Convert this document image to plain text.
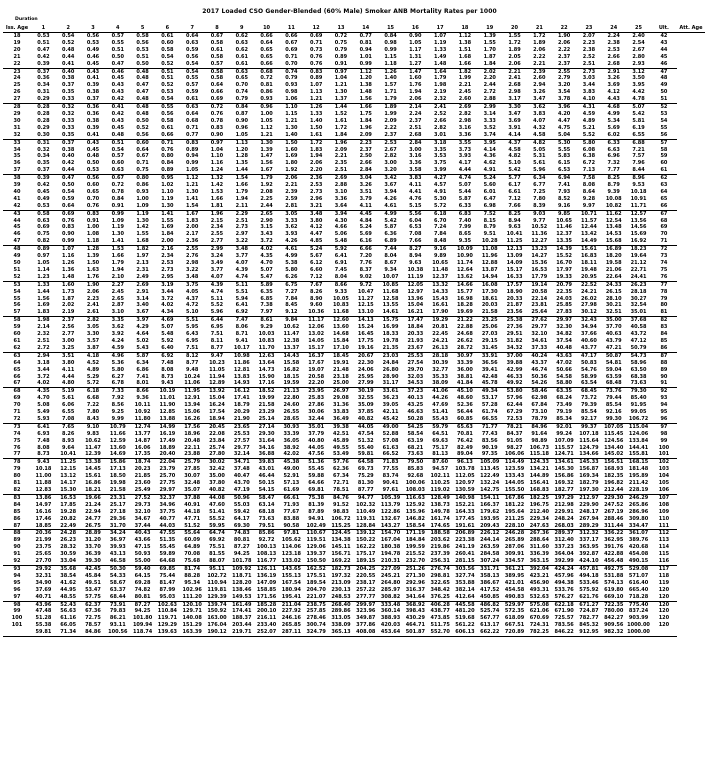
2017 Loaded CSO Gender-Blended (60% Male) Smoker ANB Mortality Rates per 1000
Duration
Iss. Age	1	2	3	4	5	6	7	8	9	10	11	12	13	14	15	16	17	18	19	20	21	22	23	24	25	Ult.	Att. Age
18	0.53	0.54	0.56	0.57	0.58	0.61	0.64	0.67	0.62	0.66	0.66	0.69	0.72	0.77	0.84	0.90	1.07	1.12	1.39	1.55	1.72	1.90	2.07	2.24	2.40	42	
19	0.51	0.52	0.53	0.55	0.56	0.60	0.63	0.58	0.63	0.64	0.67	0.71	0.75	0.81	0.98	1.05	1.19	1.38	1.55	1.72	1.89	2.06	2.23	2.38	2.54	43	
20	0.47	0.48	0.49	0.51	0.53	0.58	0.59	0.61	0.62	0.65	0.69	0.73	0.79	0.94	0.99	1.17	1.33	1.51	1.70	1.89	2.06	2.22	2.38	2.53	2.67	44	
21	0.42	0.44	0.46	0.50	0.51	0.54	0.56	0.58	0.61	0.65	0.71	0.76	0.89	1.01	1.15	1.31	1.49	1.68	1.87	2.05	2.22	2.37	2.52	2.66	2.80	45	
22	0.39	0.41	0.45	0.47	0.50	0.52	0.54	0.57	0.61	0.66	0.70	0.76	0.91	0.99	1.18	1.27	1.48	1.66	1.84	2.06	2.21	2.37	2.51	2.68	2.93	46	
23	0.37	0.40	0.43	0.46	0.48	0.51	0.54	0.58	0.63	0.68	0.74	0.83	0.97	1.12	1.26	1.47	1.64	1.82	2.02	2.21	2.39	2.55	2.73	2.91	3.12	47	
24	0.36	0.38	0.41	0.45	0.48	0.51	0.55	0.58	0.65	0.72	0.79	0.89	1.04	1.20	1.40	1.60	1.79	1.99	2.20	2.41	2.60	2.79	3.03	3.26	3.50	48	
25	0.34	0.37	0.39	0.43	0.47	0.52	0.57	0.64	0.70	0.81	0.93	1.07	1.21	1.38	1.57	1.76	1.98	2.21	2.44	2.68	2.94	3.20	3.44	3.69	3.95	49	
26	0.31	0.35	0.38	0.43	0.47	0.53	0.59	0.66	0.74	0.86	0.98	1.13	1.30	1.48	1.71	1.94	2.19	2.45	2.72	2.98	3.26	3.54	3.83	4.12	4.42	50	
27	0.29	0.33	0.37	0.42	0.48	0.54	0.61	0.69	0.79	0.93	1.06	1.21	1.37	1.56	1.79	2.06	2.32	2.60	2.88	3.17	3.47	3.78	4.10	4.43	4.78	51	
28	0.28	0.32	0.36	0.41	0.48	0.55	0.63	0.72	0.84	0.96	1.10	1.26	1.44	1.66	1.89	2.14	2.41	2.69	2.99	3.30	3.62	3.96	4.31	4.68	5.07	52	
29	0.28	0.32	0.36	0.42	0.48	0.56	0.64	0.76	0.87	1.00	1.15	1.33	1.52	1.75	1.99	2.24	2.52	2.82	3.14	3.47	3.83	4.20	4.59	4.99	5.42	53	
30	0.28	0.33	0.38	0.43	0.50	0.58	0.68	0.78	0.90	1.05	1.21	1.40	1.61	1.84	2.09	2.37	2.66	2.98	3.33	3.69	4.07	4.47	4.89	5.34	5.81	54	
31	0.29	0.33	0.39	0.45	0.52	0.61	0.71	0.83	0.96	1.12	1.30	1.50	1.72	1.96	2.22	2.51	2.82	3.16	3.52	3.91	4.32	4.75	5.21	5.69	6.19	55	
32	0.30	0.35	0.41	0.48	0.56	0.66	0.77	0.90	1.05	1.21	1.40	1.61	1.84	2.09	2.37	2.68	3.01	3.36	3.74	4.14	4.58	5.04	5.52	6.02	6.55	56	
33	0.31	0.37	0.43	0.51	0.60	0.71	0.83	0.97	1.13	1.30	1.50	1.72	1.96	2.23	2.53	2.84	3.18	3.55	3.95	4.37	4.82	5.30	5.80	6.33	6.88	57	
34	0.32	0.38	0.45	0.54	0.64	0.76	0.89	1.04	1.20	1.39	1.60	1.83	2.09	2.37	2.67	3.00	3.35	3.73	4.14	4.58	5.05	5.55	6.08	6.63	7.21	58	
35	0.34	0.40	0.48	0.57	0.67	0.80	0.94	1.10	1.28	1.47	1.69	1.94	2.21	2.50	2.82	3.16	3.53	3.93	4.36	4.82	5.31	5.83	6.38	6.96	7.57	59	
36	0.35	0.42	0.50	0.60	0.71	0.84	0.99	1.16	1.35	1.56	1.80	2.06	2.35	2.66	3.00	3.36	3.75	4.17	4.62	5.10	5.61	6.15	6.72	7.32	7.96	60	
37	0.37	0.44	0.53	0.63	0.75	0.89	1.05	1.24	1.44	1.67	1.92	2.20	2.51	2.84	3.20	3.58	3.99	4.44	4.91	5.42	5.96	6.53	7.13	7.77	8.44	61	
38	0.39	0.47	0.56	0.67	0.80	0.95	1.12	1.32	1.54	1.79	2.06	2.36	2.69	3.04	3.42	3.83	4.27	4.74	5.24	5.77	6.34	6.94	7.58	8.25	8.96	62	
39	0.42	0.50	0.60	0.72	0.86	1.02	1.21	1.42	1.66	1.92	2.21	2.53	2.88	3.26	3.67	4.11	4.57	5.07	5.60	6.17	6.77	7.41	8.08	8.79	9.53	63	
40	0.45	0.54	0.65	0.78	0.93	1.10	1.30	1.53	1.79	2.08	2.39	2.73	3.10	3.51	3.94	4.41	4.91	5.44	6.01	6.61	7.25	7.93	8.64	9.39	10.18	64	
41	0.49	0.59	0.70	0.84	1.00	1.19	1.41	1.66	1.94	2.25	2.59	2.96	3.36	3.79	4.26	4.76	5.30	5.87	6.47	7.12	7.80	8.52	9.28	10.08	10.91	65	
42	0.53	0.64	0.76	0.91	1.09	1.30	1.54	1.81	2.11	2.44	2.81	3.21	3.64	4.11	4.61	5.15	5.72	6.33	6.98	7.66	8.39	9.16	9.97	10.82	11.71	66	
43	0.58	0.69	0.83	0.99	1.19	1.41	1.67	1.96	2.29	2.65	3.05	3.48	3.94	4.45	4.99	5.56	6.18	6.83	7.52	8.25	9.03	9.85	10.71	11.62	12.57	67	
44	0.63	0.76	0.91	1.09	1.30	1.55	1.83	2.15	2.51	2.90	3.33	3.80	4.30	4.84	5.42	6.04	6.70	7.40	8.15	8.94	9.77	10.65	11.57	12.54	13.56	68	
45	0.69	0.83	1.00	1.19	1.42	1.69	2.00	2.34	2.73	3.15	3.62	4.12	4.66	5.24	5.87	6.53	7.24	7.99	8.79	9.63	10.52	11.46	12.44	13.48	14.56	69	
46	0.75	0.90	1.08	1.30	1.55	1.84	2.17	2.55	2.97	3.43	3.93	4.47	5.06	5.69	6.36	7.08	7.84	8.65	9.51	10.41	11.36	12.37	13.42	14.53	15.69	70	
47	0.82	0.99	1.18	1.41	1.68	2.00	2.36	2.77	3.22	3.72	4.26	4.85	5.48	6.16	6.89	7.66	8.48	9.35	10.28	11.25	12.27	13.35	14.49	15.68	16.92	71	
48	0.89	1.07	1.28	1.53	1.82	2.16	2.55	2.99	3.48	4.02	4.61	5.24	5.92	6.66	7.44	8.27	9.16	10.09	11.08	12.13	13.23	14.39	15.61	16.89	18.23	72	
49	0.97	1.16	1.39	1.66	1.97	2.34	2.76	3.24	3.77	4.35	4.99	5.67	6.41	7.20	8.04	8.94	9.89	10.90	11.96	13.09	14.27	15.52	16.83	18.20	19.64	73	
50	1.05	1.26	1.50	1.79	2.13	2.53	2.98	3.49	4.07	4.70	5.38	6.12	6.91	7.76	8.67	9.63	10.65	11.74	12.88	14.09	15.36	16.70	18.11	19.58	21.12	74	
51	1.14	1.36	1.63	1.94	2.31	2.73	3.22	3.77	4.39	5.07	5.80	6.60	7.45	8.37	9.34	10.38	11.48	12.64	13.87	15.17	16.53	17.97	19.48	21.06	22.71	75	
52	1.23	1.48	1.76	2.10	2.49	2.95	3.48	4.07	4.74	5.47	6.26	7.12	8.04	9.02	10.07	11.19	12.37	13.62	14.94	16.33	17.79	19.33	20.95	22.64	24.41	76	
53	1.33	1.60	1.90	2.27	2.69	3.19	3.75	4.39	5.11	5.89	6.75	7.67	8.66	9.72	10.85	12.05	13.32	14.66	16.08	17.57	19.14	20.79	22.52	24.33	26.23	77	
54	1.44	1.73	2.06	2.45	2.91	3.44	4.05	4.74	5.51	6.35	7.27	8.26	9.33	10.47	11.68	12.97	14.33	15.77	17.30	18.90	20.58	22.35	24.21	26.15	28.18	78	
55	1.56	1.87	2.23	2.65	3.14	3.72	4.37	5.11	5.94	6.85	7.84	8.90	10.05	11.27	12.58	13.96	15.43	16.98	18.61	20.33	22.14	24.03	26.02	28.10	30.27	79	
56	1.69	2.02	2.41	2.87	3.40	4.02	4.72	5.52	6.41	7.38	8.45	9.60	10.83	12.15	13.55	15.04	16.61	18.28	20.03	21.87	23.81	25.85	27.98	30.21	32.54	80	
57	1.83	2.19	2.61	3.10	3.67	4.34	5.10	5.96	6.92	7.97	9.12	10.36	11.68	13.10	14.61	16.21	17.90	19.69	21.58	23.56	25.64	27.83	30.12	32.51	35.01	81	
58	1.98	2.37	2.82	3.35	3.97	4.69	5.51	6.44	7.47	8.61	9.84	11.17	12.60	14.13	15.75	17.47	19.29	21.22	23.25	25.38	27.62	29.97	32.43	35.00	37.68	82	
59	2.14	2.56	3.05	3.62	4.29	5.07	5.95	6.95	8.06	9.29	10.62	12.06	13.60	15.24	16.99	18.84	20.81	22.88	25.06	27.36	29.77	32.30	34.94	37.70	40.58	83	
60	2.32	2.77	3.30	3.92	4.64	5.48	6.43	7.51	8.71	10.03	11.47	13.02	14.68	16.45	18.33	20.33	22.45	24.68	27.03	29.51	32.10	34.82	37.66	40.63	43.72	84	
61	2.51	3.00	3.57	4.24	5.02	5.92	6.95	8.11	9.41	10.83	12.38	14.05	15.84	17.75	19.78	21.93	24.21	26.62	29.15	31.82	34.61	37.54	40.60	43.79	47.12	85	
62	2.72	3.25	3.87	4.59	5.43	6.40	7.51	8.77	10.17	11.70	13.37	15.17	17.10	19.16	21.35	23.67	26.13	28.72	31.45	34.32	37.33	40.48	43.77	47.21	50.79	86	
63	2.94	3.51	4.18	4.96	5.87	6.92	8.12	9.47	10.98	12.63	14.43	16.37	18.45	20.67	23.03	25.53	28.18	30.97	33.91	37.00	40.24	43.63	47.17	50.87	54.73	87	
64	3.18	3.80	4.52	5.36	6.34	7.48	8.77	10.23	11.86	13.64	15.58	17.67	19.91	22.30	24.84	27.54	30.39	33.39	36.56	39.88	43.37	47.02	50.83	54.81	58.96	88	
65	3.44	4.11	4.89	5.80	6.86	8.08	9.48	11.05	12.81	14.73	16.82	19.07	21.48	24.06	26.80	29.70	32.77	36.00	39.41	42.99	46.74	50.66	54.76	59.04	63.50	89	
66	3.72	4.44	5.29	6.27	7.41	8.73	10.24	11.94	13.83	15.90	18.15	20.58	23.18	25.95	28.90	32.03	35.33	38.81	42.48	46.33	50.36	54.58	58.99	63.59	68.38	90	
67	4.02	4.80	5.72	6.78	8.01	9.43	11.06	12.89	14.93	17.16	19.59	22.20	25.00	27.99	31.17	34.53	38.09	41.84	45.78	49.92	54.26	58.80	63.54	68.48	73.63	91	
68	4.35	5.19	6.18	7.33	8.66	10.19	11.95	13.92	16.12	18.52	21.13	23.95	26.97	30.19	33.61	37.23	41.06	45.10	49.34	53.80	58.46	63.35	68.45	73.76	79.30	92	
69	4.70	5.61	6.68	7.92	9.36	11.01	12.91	15.04	17.41	19.99	22.80	25.83	29.08	32.55	36.23	40.13	44.26	48.60	53.17	57.96	62.98	68.24	73.72	79.44	85.40	93	
70	5.08	6.06	7.22	8.56	10.11	11.90	13.94	16.24	18.79	21.58	24.60	27.86	31.36	35.09	39.05	43.25	47.69	52.36	57.28	62.44	67.84	73.49	79.39	85.54	91.95	94	
71	5.49	6.55	7.80	9.25	10.92	12.85	15.06	17.54	20.29	23.29	26.55	30.06	33.83	37.85	42.11	46.63	51.41	56.44	61.74	67.29	73.10	79.19	85.54	92.16	99.05	95	
72	5.93	7.08	8.43	9.99	11.80	13.88	16.26	18.94	21.90	25.14	28.65	32.44	36.49	40.82	45.42	50.28	55.43	60.85	66.55	72.53	78.79	85.34	92.17	99.30	106.72	96	
73	6.41	7.65	9.10	10.79	12.74	14.99	17.56	20.45	23.65	27.14	30.93	35.01	39.38	44.05	49.00	54.25	59.79	65.63	71.77	78.21	84.96	92.01	99.37	107.05	115.04	97	
74	6.93	8.26	9.83	11.66	13.77	16.19	18.96	22.08	25.53	29.30	33.39	37.79	42.51	47.54	52.88	58.54	64.51	70.81	77.43	84.37	91.64	99.24	107.18	115.45	124.06	98	
75	7.48	8.93	10.62	12.59	14.87	17.49	20.48	23.84	27.57	31.64	36.05	40.80	45.89	51.32	57.08	63.19	69.63	76.42	83.56	91.05	98.89	107.09	115.64	124.56	133.84	99	
76	8.08	9.64	11.47	13.60	16.06	18.89	22.11	25.74	29.77	34.16	38.92	44.05	49.55	55.40	61.63	68.21	75.17	82.49	90.19	98.27	106.73	115.57	124.79	134.40	144.41	100	
77	8.73	10.41	12.39	14.69	17.35	20.40	23.88	27.80	32.14	36.88	42.02	47.56	53.49	59.81	66.52	73.63	81.13	89.04	97.35	106.06	115.18	124.71	134.66	145.02	155.81	101	
78	9.43	11.25	13.38	15.86	18.74	22.04	25.79	30.02	34.71	39.83	45.38	51.36	57.76	64.58	71.83	79.50	87.60	96.13	105.09	114.49	124.33	134.61	145.33	156.51	168.15	102	
79	10.18	12.15	14.45	17.13	20.23	23.79	27.85	32.42	37.48	43.01	49.00	55.45	62.36	69.73	77.55	85.83	94.57	103.78	113.45	123.59	134.21	145.30	156.87	168.93	181.48	103	
80	11.00	13.12	15.61	18.50	21.85	25.70	30.07	35.00	40.47	46.44	52.91	59.88	67.34	75.29	83.74	92.68	102.11	112.05	122.49	133.43	144.89	156.86	169.34	182.35	195.89	104	
81	11.88	14.17	16.86	19.98	23.60	27.75	32.48	37.80	43.70	50.15	57.13	64.66	72.71	81.30	90.41	100.06	110.25	120.97	132.24	144.05	156.41	169.32	182.79	196.82	211.42	105	
82	12.83	15.30	18.21	21.58	25.49	29.97	35.07	40.82	47.19	54.15	61.69	69.81	78.51	87.77	97.61	108.03	119.02	130.59	142.75	155.50	168.83	182.77	197.30	212.44	228.19	106	
83	13.86	16.53	19.66	23.31	27.52	32.37	37.88	44.08	50.96	58.47	66.61	75.38	84.76	94.77	105.39	116.63	128.49	140.98	154.11	167.86	182.25	197.29	212.97	229.30	246.29	107	
84	14.97	17.85	21.24	25.17	29.73	34.96	40.91	47.60	55.03	63.14	71.93	81.39	91.52	102.32	113.79	125.92	138.73	152.21	166.37	181.22	196.75	212.98	229.90	247.52	265.86	108	
85	16.16	19.28	22.94	27.18	32.10	37.75	44.18	51.41	59.42	68.18	77.67	87.89	98.83	110.49	122.86	135.96	149.78	164.33	179.62	195.64	212.40	229.91	248.17	267.19	286.96	109	
86	17.46	20.82	24.77	29.36	34.67	40.77	47.71	55.52	64.17	73.63	83.88	94.91	106.72	119.31	132.67	146.82	161.74	177.45	193.95	211.25	229.34	248.24	267.94	288.46	309.80	110	
87	18.85	22.49	26.75	31.70	37.44	44.03	51.52	59.95	69.30	79.51	90.58	102.49	115.25	128.84	143.27	158.54	174.65	191.61	209.43	228.10	247.63	268.03	289.29	311.44	334.47	111	
88	20.36	24.28	28.89	34.24	40.43	47.55	55.64	64.74	74.83	85.86	97.81	110.67	124.45	139.12	154.70	171.19	188.58	206.89	226.12	246.28	267.36	289.37	312.32	336.22	361.07	112	
89	21.99	26.23	31.20	36.97	43.66	51.35	60.09	69.92	80.81	92.72	105.62	119.51	134.38	150.22	167.04	184.84	203.62	223.38	244.14	265.89	288.64	312.40	337.17	362.95	389.76	113	
90	23.75	28.32	33.70	39.93	47.15	55.45	64.89	75.51	87.27	100.13	114.06	129.06	145.11	162.22	180.38	199.59	219.86	241.19	263.59	287.06	311.60	337.23	363.95	391.76	420.68	114	
91	25.65	30.59	36.39	43.13	50.93	59.89	70.08	81.55	94.25	108.13	123.18	139.37	156.71	175.17	194.78	215.52	237.39	260.41	284.58	309.91	336.39	364.04	392.87	422.88	454.08	115	
92	27.70	33.04	39.30	46.58	55.00	64.68	75.68	88.07	101.78	116.77	133.02	150.50	169.22	189.15	210.31	232.70	256.31	281.15	307.24	334.57	363.15	392.99	424.10	456.48	490.15	116	
93	29.92	35.68	42.45	50.30	59.40	69.85	81.74	95.11	109.92	126.11	143.65	162.52	182.73	204.25	227.09	251.26	276.74	303.56	331.71	361.21	392.04	424.24	457.81	492.75	529.08	117	
94	32.31	38.54	45.84	54.33	64.15	75.44	88.28	102.72	118.71	136.19	155.13	175.51	197.32	220.55	245.21	271.30	298.81	327.74	358.13	389.95	423.21	457.96	494.18	531.88	571.07	118	
95	34.90	41.62	49.51	58.67	69.28	81.47	95.34	110.94	128.20	147.09	167.54	189.54	213.09	238.17	264.80	292.96	322.65	353.88	386.67	421.01	456.90	494.38	533.46	574.13	616.40	119	
96	37.69	44.95	53.47	63.37	74.82	87.99	102.96	119.81	138.46	158.85	180.94	204.70	230.13	257.22	285.97	316.37	348.42	382.14	417.52	454.58	493.31	533.76	575.92	619.80	665.40	120	
97	40.71	48.55	57.75	68.44	80.81	95.03	111.20	129.39	149.53	171.56	195.41	221.07	248.53	277.77	308.82	341.64	376.25	412.64	450.85	490.83	532.63	576.27	621.76	669.10	718.28	120	
98	43.96	52.43	62.37	73.91	87.27	102.63	120.10	139.74	161.49	185.28	211.04	238.75	268.40	299.97	333.48	368.92	406.28	445.58	486.82	529.97	575.08	622.18	671.27	722.35	775.40	120	
99	47.48	56.63	67.36	79.83	94.25	110.84	129.71	150.92	174.41	200.10	227.92	257.85	289.86	323.96	360.14	398.43	438.77	481.20	525.74	572.35	621.06	671.90	724.87	780.00	837.24	120	
100	51.28	61.16	72.75	86.21	101.80	119.71	140.08	163.00	188.37	216.11	246.16	278.46	313.05	349.87	388.93	430.29	473.85	519.68	567.77	618.09	670.69	725.57	782.77	842.27	903.99	120	
101	55.38	66.05	78.57	93.11	109.94	129.29	151.29	176.04	203.44	233.40	265.85	300.74	338.09	377.86	420.03	464.71	511.75	561.22	613.17	667.51	724.31	783.56	845.32	909.56	1000.00	120	
	59.81	71.34	84.86	100.56	118.74	139.63	163.39	190.12	219.71	252.07	287.11	324.79	365.13	408.08	453.64	501.87	552.70	606.13	662.22	720.89	782.25	846.22	912.95	982.32	1000.00		
